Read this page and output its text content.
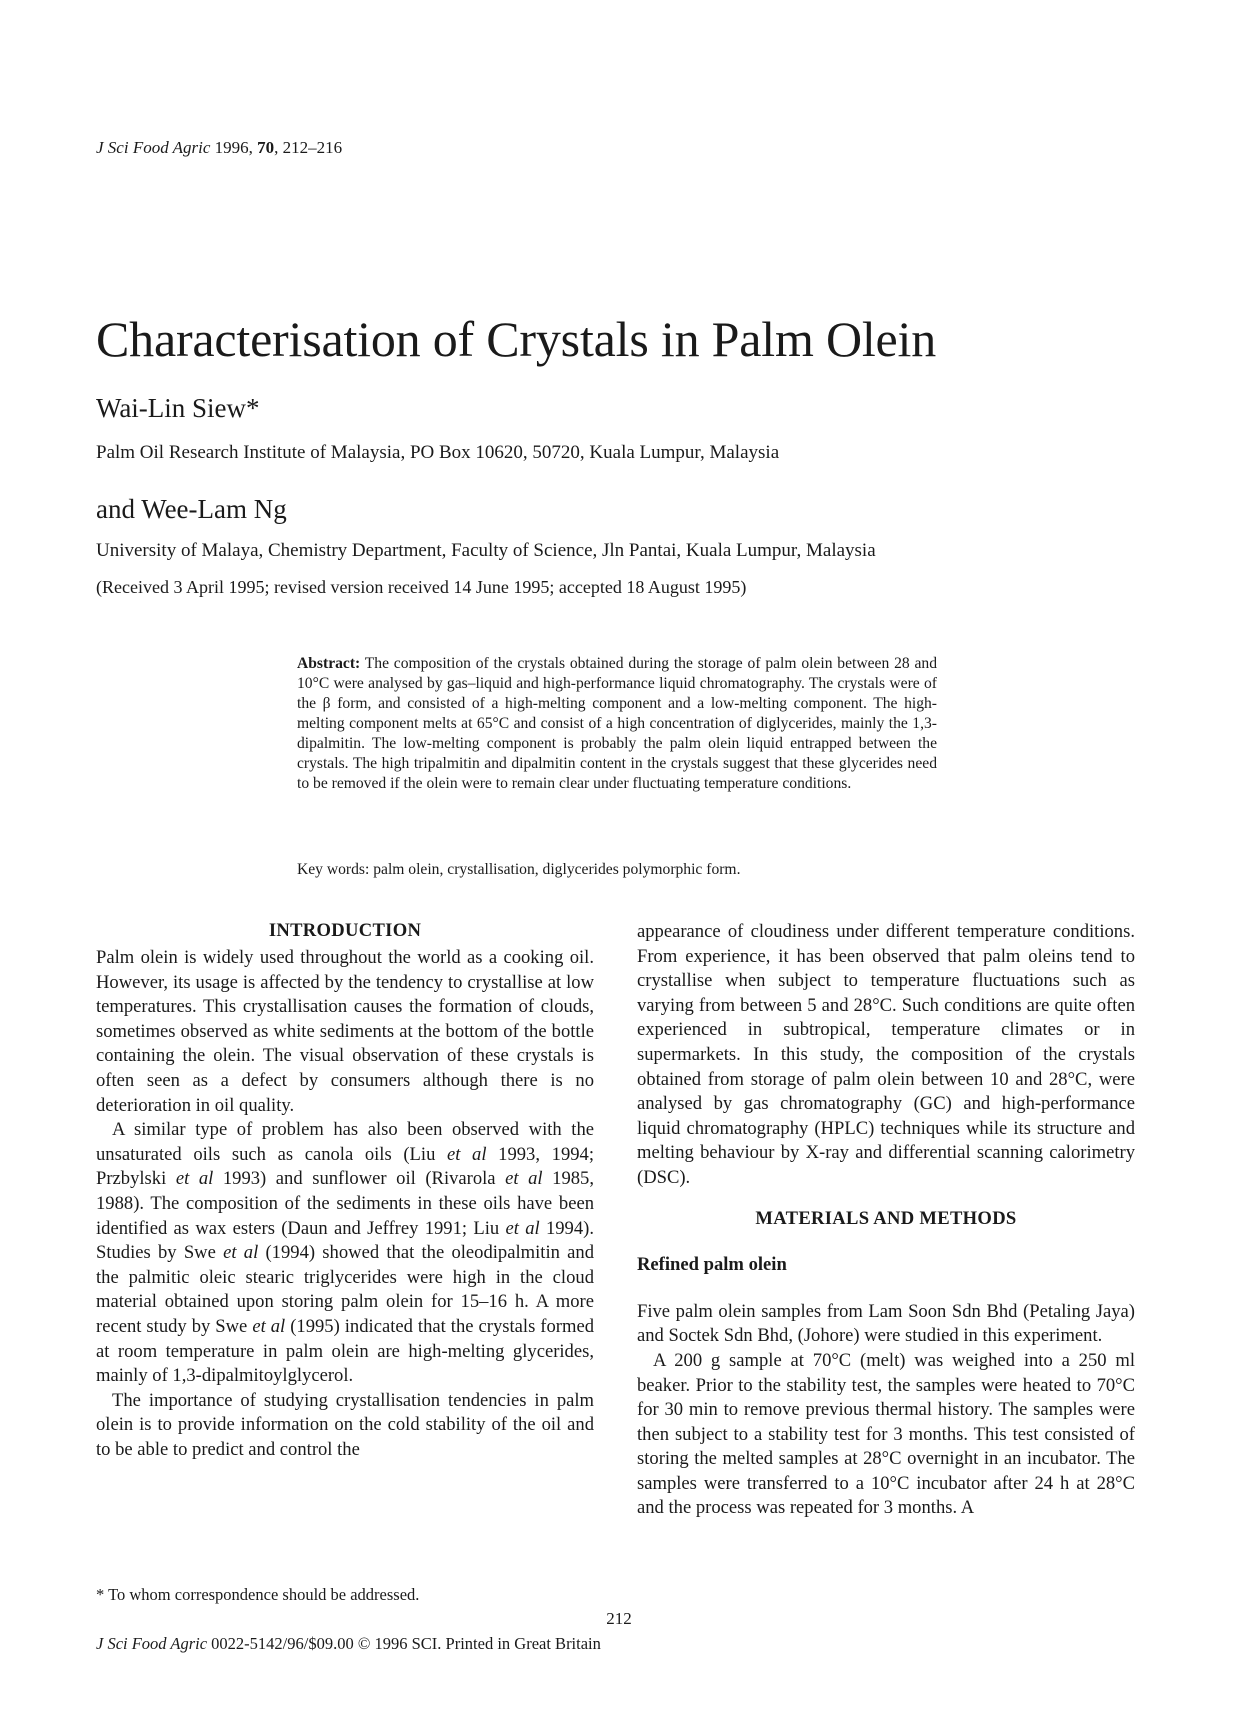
J Sci Food Agric 1996, 70, 212–216
Characterisation of Crystals in Palm Olein
Wai-Lin Siew*
Palm Oil Research Institute of Malaysia, PO Box 10620, 50720, Kuala Lumpur, Malaysia
and Wee-Lam Ng
University of Malaya, Chemistry Department, Faculty of Science, Jln Pantai, Kuala Lumpur, Malaysia
(Received 3 April 1995; revised version received 14 June 1995; accepted 18 August 1995)
Abstract: The composition of the crystals obtained during the storage of palm olein between 28 and 10°C were analysed by gas–liquid and high-performance liquid chromatography. The crystals were of the β form, and consisted of a high-melting component and a low-melting component. The high-melting component melts at 65°C and consist of a high concentration of diglycerides, mainly the 1,3-dipalmitin. The low-melting component is probably the palm olein liquid entrapped between the crystals. The high tripalmitin and dipalmitin content in the crystals suggest that these glycerides need to be removed if the olein were to remain clear under fluctuating temperature conditions.
Key words: palm olein, crystallisation, diglycerides polymorphic form.
INTRODUCTION

Palm olein is widely used throughout the world as a cooking oil. However, its usage is affected by the tendency to crystallise at low temperatures. This crystallisation causes the formation of clouds, sometimes observed as white sediments at the bottom of the bottle containing the olein. The visual observation of these crystals is often seen as a defect by consumers although there is no deterioration in oil quality.

A similar type of problem has also been observed with the unsaturated oils such as canola oils (Liu et al 1993, 1994; Przbylski et al 1993) and sunflower oil (Rivarola et al 1985, 1988). The composition of the sediments in these oils have been identified as wax esters (Daun and Jeffrey 1991; Liu et al 1994). Studies by Swe et al (1994) showed that the oleodipalmitin and the palmitic oleic stearic triglycerides were high in the cloud material obtained upon storing palm olein for 15–16 h. A more recent study by Swe et al (1995) indicated that the crystals formed at room temperature in palm olein are high-melting glycerides, mainly of 1,3-dipalmitoylglycerol.

The importance of studying crystallisation tendencies in palm olein is to provide information on the cold stability of the oil and to be able to predict and control the

appearance of cloudiness under different temperature conditions. From experience, it has been observed that palm oleins tend to crystallise when subject to temperature fluctuations such as varying from between 5 and 28°C. Such conditions are quite often experienced in subtropical, temperature climates or in supermarkets. In this study, the composition of the crystals obtained from storage of palm olein between 10 and 28°C, were analysed by gas chromatography (GC) and high-performance liquid chromatography (HPLC) techniques while its structure and melting behaviour by X-ray and differential scanning calorimetry (DSC).

MATERIALS AND METHODS
Refined palm olein

Five palm olein samples from Lam Soon Sdn Bhd (Petaling Jaya) and Soctek Sdn Bhd, (Johore) were studied in this experiment.

A 200 g sample at 70°C (melt) was weighed into a 250 ml beaker. Prior to the stability test, the samples were heated to 70°C for 30 min to remove previous thermal history. The samples were then subject to a stability test for 3 months. This test consisted of storing the melted samples at 28°C overnight in an incubator. The samples were transferred to a 10°C incubator after 24 h at 28°C and the process was repeated for 3 months. A

* To whom correspondence should be addressed.
212
J Sci Food Agric 0022-5142/96/$09.00 © 1996 SCI. Printed in Great Britain
